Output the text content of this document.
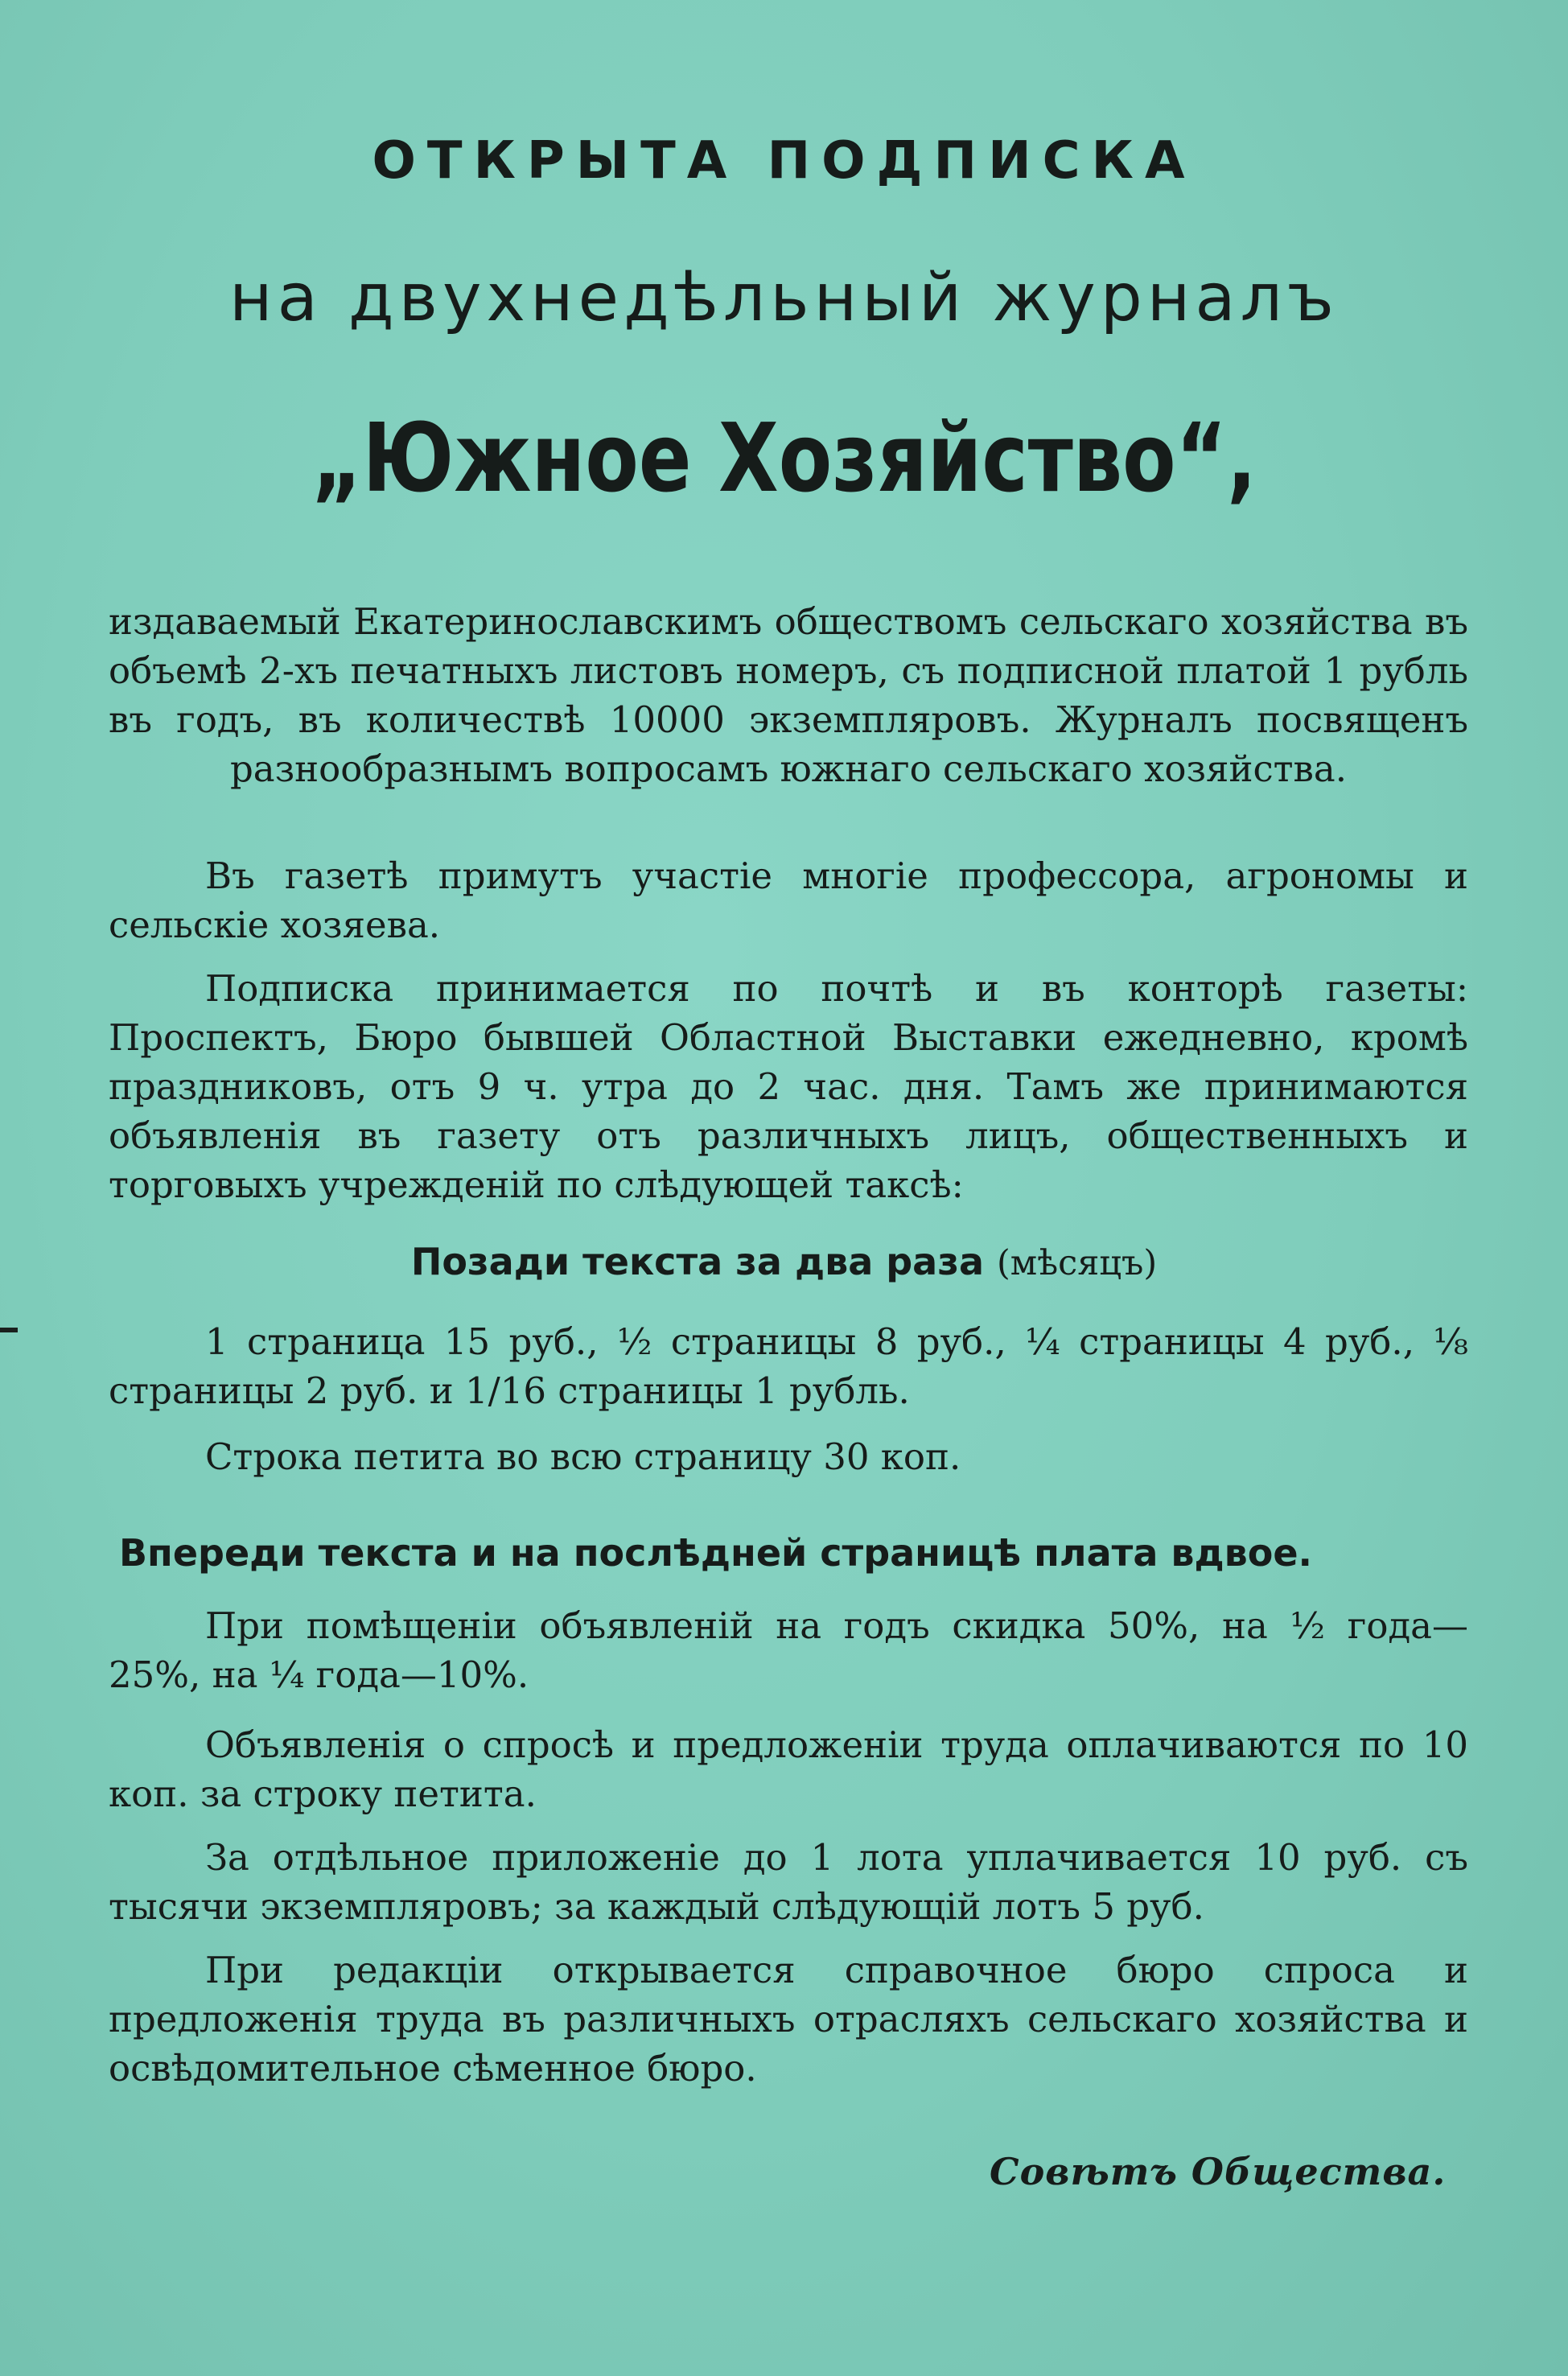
ОТКРЫТА ПОДПИСКА
на двухнедѣльный журналъ
„Южное Хозяйство“,
издаваемый Екатеринославскимъ обществомъ сельскаго хозяйства въ объемѣ 2-хъ печатныхъ листовъ номеръ, съ подписной платой 1 рубль въ годъ, въ количествѣ 10000 экземпляровъ. Журналъ посвященъ разнообразнымъ вопросамъ южнаго сельскаго хозяйства.
Въ газетѣ примутъ участіе многіе профессора, агрономы и сельскіе хозяева.
Подписка принимается по почтѣ и въ конторѣ газеты: Проспектъ, Бюро бывшей Областной Выставки ежедневно, кромѣ праздниковъ, отъ 9 ч. утра до 2 час. дня. Тамъ же принимаются объявленія въ газету отъ различныхъ лицъ, общественныхъ и торговыхъ учрежденій по слѣдующей таксѣ:
Позади текста за два раза (мѣсяцъ)
1 страница 15 руб., ½ страницы 8 руб., ¼ страницы 4 руб., ⅛ страницы 2 руб. и 1/16 страницы 1 рубль.
Строка петита во всю страницу 30 коп.
Впереди текста и на послѣдней страницѣ плата вдвое.
При помѣщеніи объявленій на годъ скидка 50%, на ½ года— 25%, на ¼ года—10%.
Объявленія о спросѣ и предложеніи труда оплачиваются по 10 коп. за строку петита.
За отдѣльное приложеніе до 1 лота уплачивается 10 руб. съ тысячи экземпляровъ; за каждый слѣдующій лотъ 5 руб.
При редакціи открывается справочное бюро спроса и предложенія труда въ различныхъ отрасляхъ сельскаго хозяйства и освѣдомительное сѣменное бюро.
Совѣтъ Общества.
